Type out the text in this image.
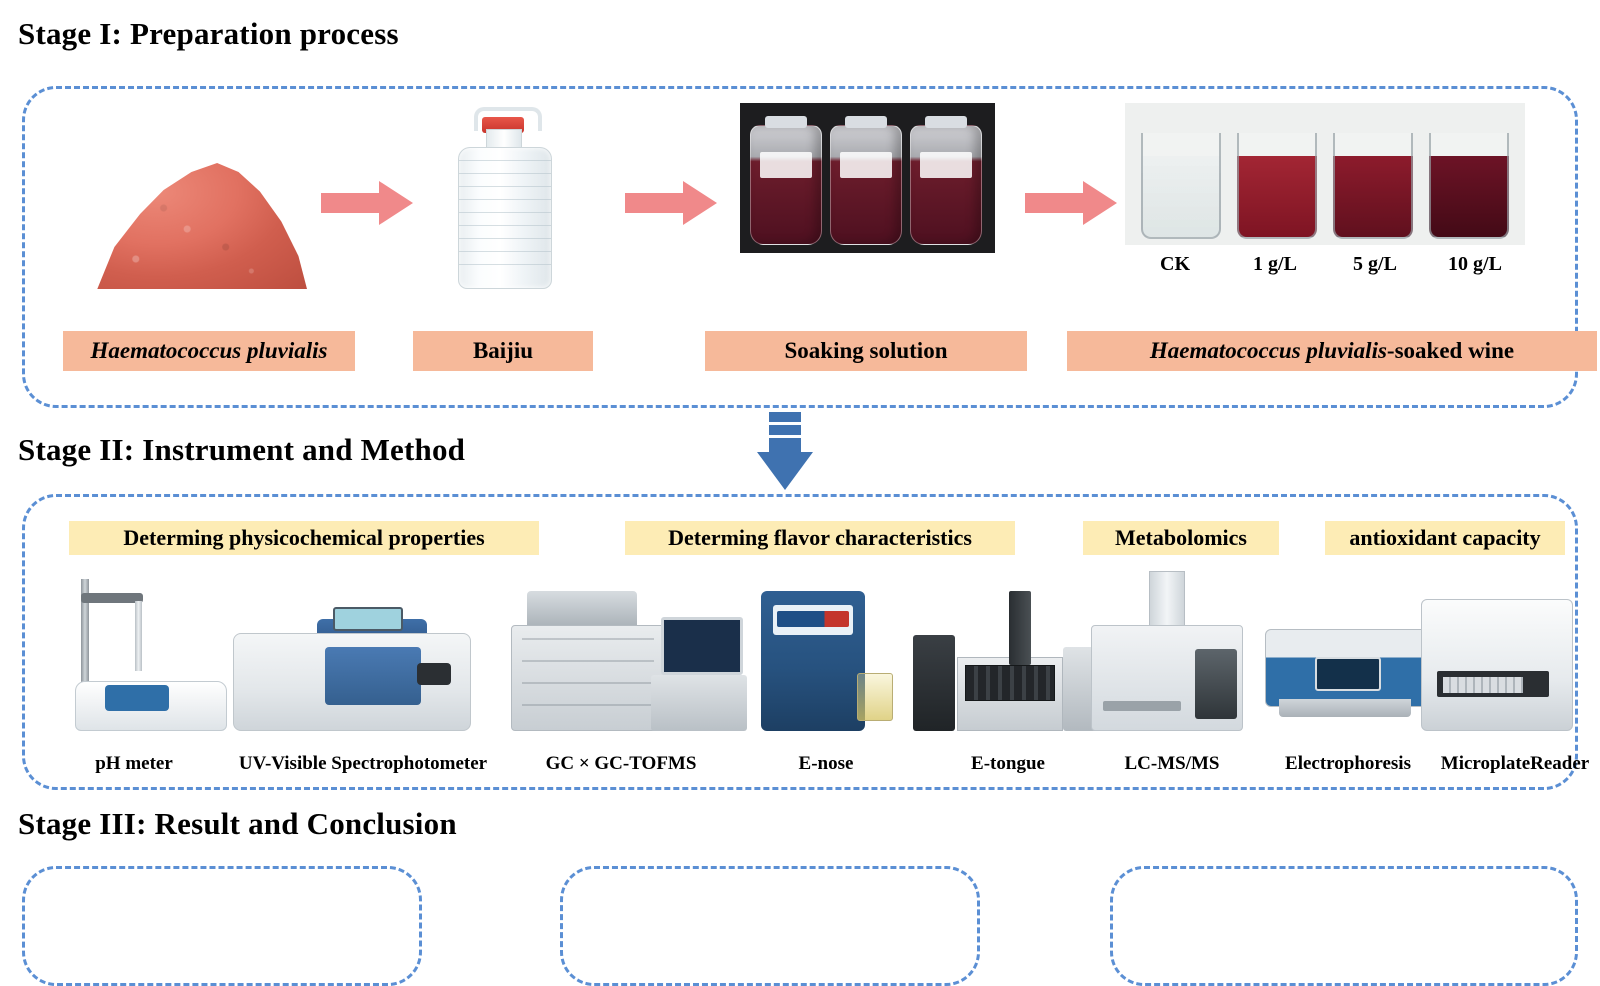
Stage I: Preparation process
CK	1 g/L	5 g/L	10 g/L
Haematococcus pluvialis	Baijiu	Soaking solution	Haematococcus pluvialis -soaked wine
Stage II: Instrument and Method
Determing physicochemical properties	Determing flavor characteristics	Metabolomics	antioxidant capacity
pH meter	UV-Visible Spectrophotometer	GC × GC-TOFMS	E-nose	E-tongue	LC-MS/MS	Electrophoresis	MicroplateReader
Stage III: Result and Conclusion
